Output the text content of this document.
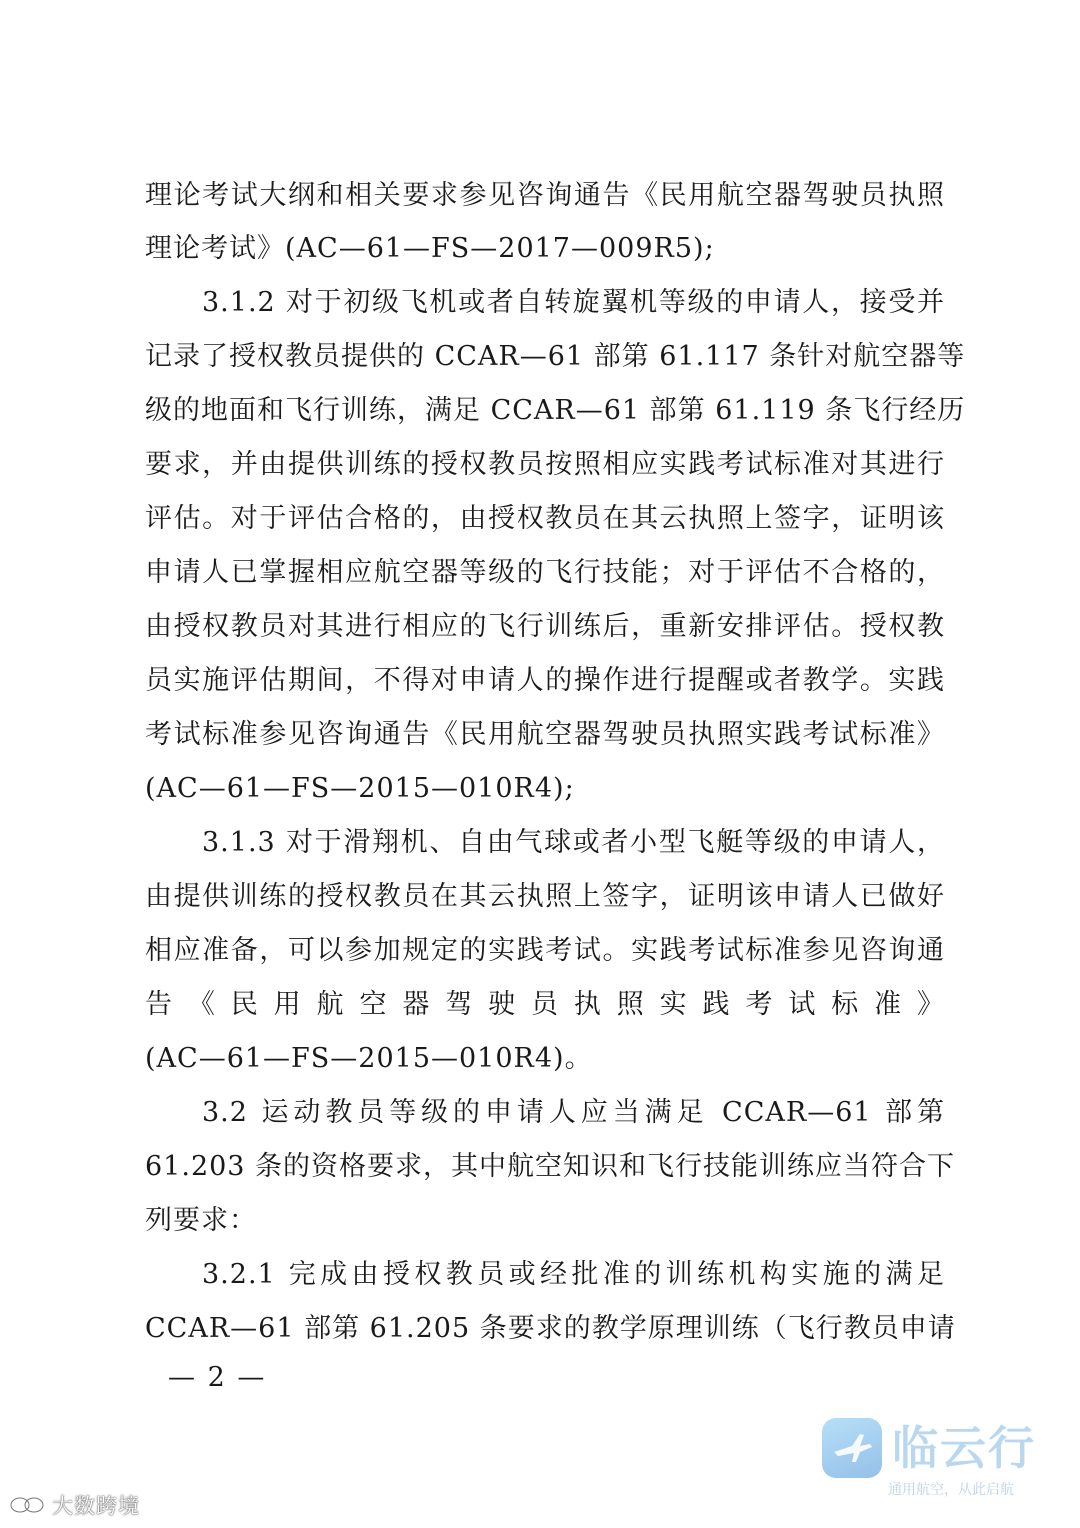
理论考试大纲和相关要求参见咨询通告《民用航空器驾驶员执照
理论考试》(AC—61—FS—2017—009R5);
3.1.2 对于初级飞机或者自转旋翼机等级的申请人，接受并
记录了授权教员提供的 CCAR—61 部第 61.117 条针对航空器等
级的地面和飞行训练，满足 CCAR—61 部第 61.119 条飞行经历
要求，并由提供训练的授权教员按照相应实践考试标准对其进行
评估。对于评估合格的，由授权教员在其云执照上签字，证明该
申请人已掌握相应航空器等级的飞行技能；对于评估不合格的，
由授权教员对其进行相应的飞行训练后，重新安排评估。授权教
员实施评估期间，不得对申请人的操作进行提醒或者教学。实践
考试标准参见咨询通告《民用航空器驾驶员执照实践考试标准》
(AC—61—FS—2015—010R4);
3.1.3 对于滑翔机、自由气球或者小型飞艇等级的申请人，
由提供训练的授权教员在其云执照上签字，证明该申请人已做好
相应准备，可以参加规定的实践考试。实践考试标准参见咨询通
告《民用航空器驾驶员执照实践考试标准》
(AC—61—FS—2015—010R4)。
3.2 运动教员等级的申请人应当满足 CCAR—61 部第
61.203 条的资格要求，其中航空知识和飞行技能训练应当符合下
列要求：
3.2.1 完成由授权教员或经批准的训练机构实施的满足
CCAR—61 部第 61.205 条要求的教学原理训练（飞行教员申请
— 2 —
临云行
通用航空，从此启航
大数跨境
